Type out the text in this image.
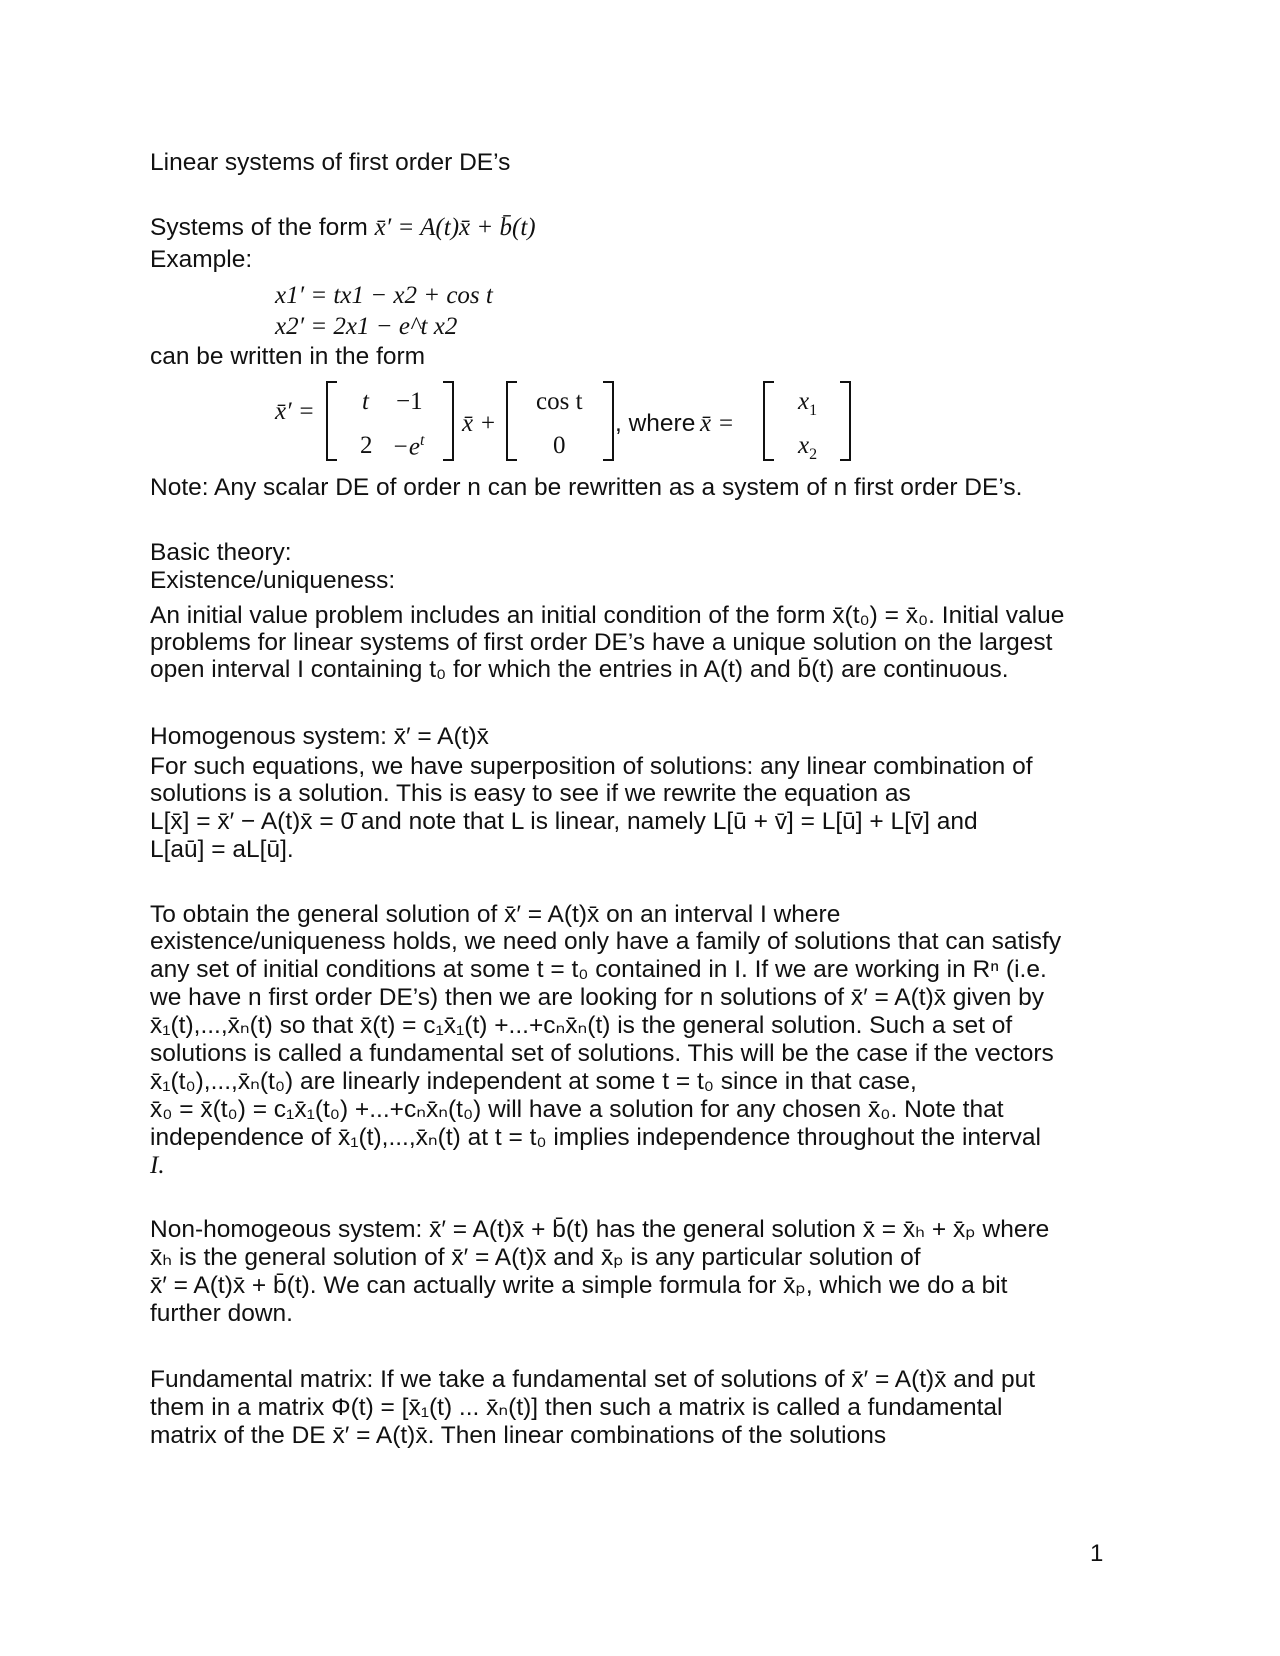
Linear systems of first order DE’s

Systems of the form x̄′ = A(t)x̄ + b̄(t)

Example:

x1′ = tx1 − x2 + cos t
x2′ = 2x1 − e^t x2

can be written in the form

x̄′ = t −1
$2 -e^t$
x̄ +
cos t
0
, where x̄ =
$x_1$
$x_2$

Note: Any scalar DE of order n can be rewritten as a system of n first order DE’s.

Basic theory:

Existence/uniqueness:

An initial value problem includes an initial condition of the form x̄(t₀) = x̄₀. Initial value

problems for linear systems of first order DE’s have a unique solution on the largest

open interval I containing t₀ for which the entries in A(t) and b̄(t) are continuous.

Homogenous system: x̄′ = A(t)x̄

For such equations, we have superposition of solutions: any linear combination of

solutions is a solution. This is easy to see if we rewrite the equation as

L[x̄] = x̄′ − A(t)x̄ = 0̄ and note that L is linear, namely L[ū + v̄] = L[ū] + L[v̄] and

L[aū] = aL[ū].

To obtain the general solution of x̄′ = A(t)x̄ on an interval I where

existence/uniqueness holds, we need only have a family of solutions that can satisfy

any set of initial conditions at some t = t₀ contained in I. If we are working in Rⁿ (i.e.

we have n first order DE’s) then we are looking for n solutions of x̄′ = A(t)x̄ given by

x̄₁(t),...,x̄ₙ(t) so that x̄(t) = c₁x̄₁(t) +...+cₙx̄ₙ(t) is the general solution. Such a set of

solutions is called a fundamental set of solutions. This will be the case if the vectors

x̄₁(t₀),...,x̄ₙ(t₀) are linearly independent at some t = t₀ since in that case,

x̄₀ = x̄(t₀) = c₁x̄₁(t₀) +...+cₙx̄ₙ(t₀) will have a solution for any chosen x̄₀. Note that

independence of x̄₁(t),...,x̄ₙ(t) at t = t₀ implies independence throughout the interval

I.

Non-homogeous system: x̄′ = A(t)x̄ + b̄(t) has the general solution x̄ = x̄ₕ + x̄ₚ where

x̄ₕ is the general solution of x̄′ = A(t)x̄ and x̄ₚ is any particular solution of

x̄′ = A(t)x̄ + b̄(t). We can actually write a simple formula for x̄ₚ, which we do a bit

further down.

Fundamental matrix: If we take a fundamental set of solutions of x̄′ = A(t)x̄ and put

them in a matrix Φ(t) = [x̄₁(t) ... x̄ₙ(t)] then such a matrix is called a fundamental

matrix of the DE x̄′ = A(t)x̄. Then linear combinations of the solutions

1
